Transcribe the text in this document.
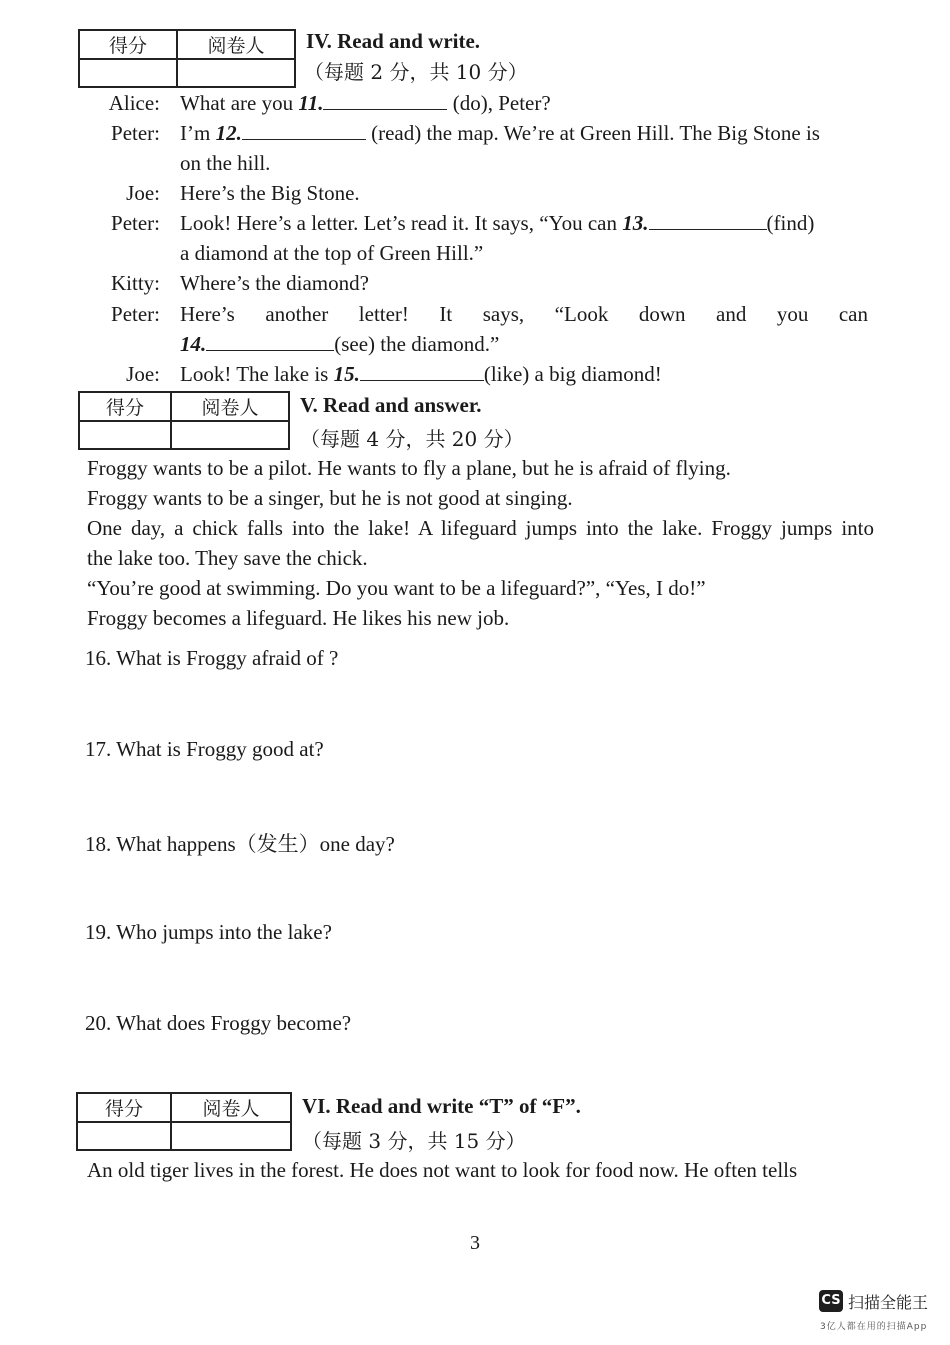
得分	阅卷人
	IV. Read and write.
（每题 2 分，共 10 分）
Alice: What are you 11.	(do), Peter?
Peter: I’m 12.	(read) the map. We’re at Green Hill. The Big Stone is
on the hill.
Joe: Here’s the Big Stone.
Peter: Look! Here’s a letter. Let’s read it. It says, “You can 13.	(find)
a diamond at the top of Green Hill.”
Kitty: Where’s the diamond?
Peter: Here’s another letter! It says, “Look down and you can
14.	(see) the diamond.”
Joe: Look! The lake is 15.	(like) a big diamond!
得分	阅卷人
	V. Read and answer.
（每题 4 分，共 20 分）
Froggy wants to be a pilot. He wants to fly a plane, but he is afraid of flying.
Froggy wants to be a singer, but he is not good at singing.
One day, a chick falls into the lake! A lifeguard jumps into the lake. Froggy jumps into
the lake too. They save the chick.
“You’re good at swimming. Do you want to be a lifeguard?”, “Yes, I do!”
Froggy becomes a lifeguard. He likes his new job.
16. What is Froggy afraid of ?
17. What is Froggy good at?
18. What happens（发生）one day?
19. Who jumps into the lake?
20. What does Froggy become?
得分	阅卷人
	VI. Read and write “T” of “F”.
（每题 3 分，共 15 分）
An old tiger lives in the forest. He does not want to look for food now. He often tells
3
CS 扫描全能王
3亿人都在用的扫描App
